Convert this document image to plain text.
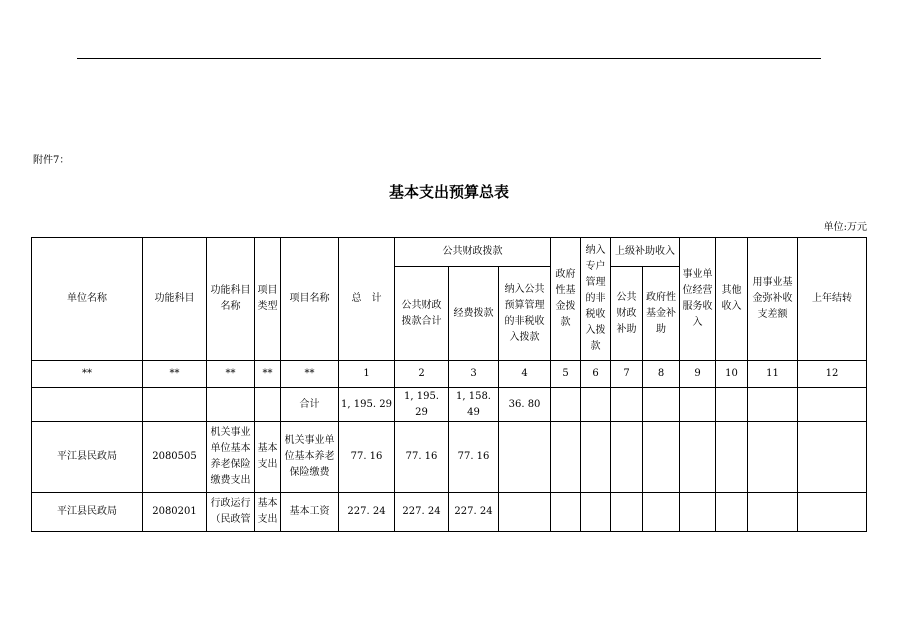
附件7：
基本支出预算总表
单位:万元
单位名称	功能科目	功能科目名称	项目类型	项目名称	总　计	公共财政拨款			政府性基金拨款	纳入专户管理的非税收入拨款	上级补助收入		事业单位经营服务收入	其他收入	用事业基金弥补收支差额	上年结转
						公共财政拨款合计	经费拨款	纳入公共预算管理的非税收入拨款			公共财政补助	政府性基金补助				
**	**	**	**	**	1	2	3	4	5	6	7	8	9	10	11	12
				合计	1, 195. 29	1, 195. 29	1, 158. 49	36. 80								
平江县民政局	2080505	机关事业单位基本养老保险缴费支出	基本支出	机关事业单位基本养老保险缴费	77. 16	77. 16	77. 16									
平江县民政局	2080201	行政运行（民政管	基本支出	基本工资	227. 24	227. 24	227. 24									
